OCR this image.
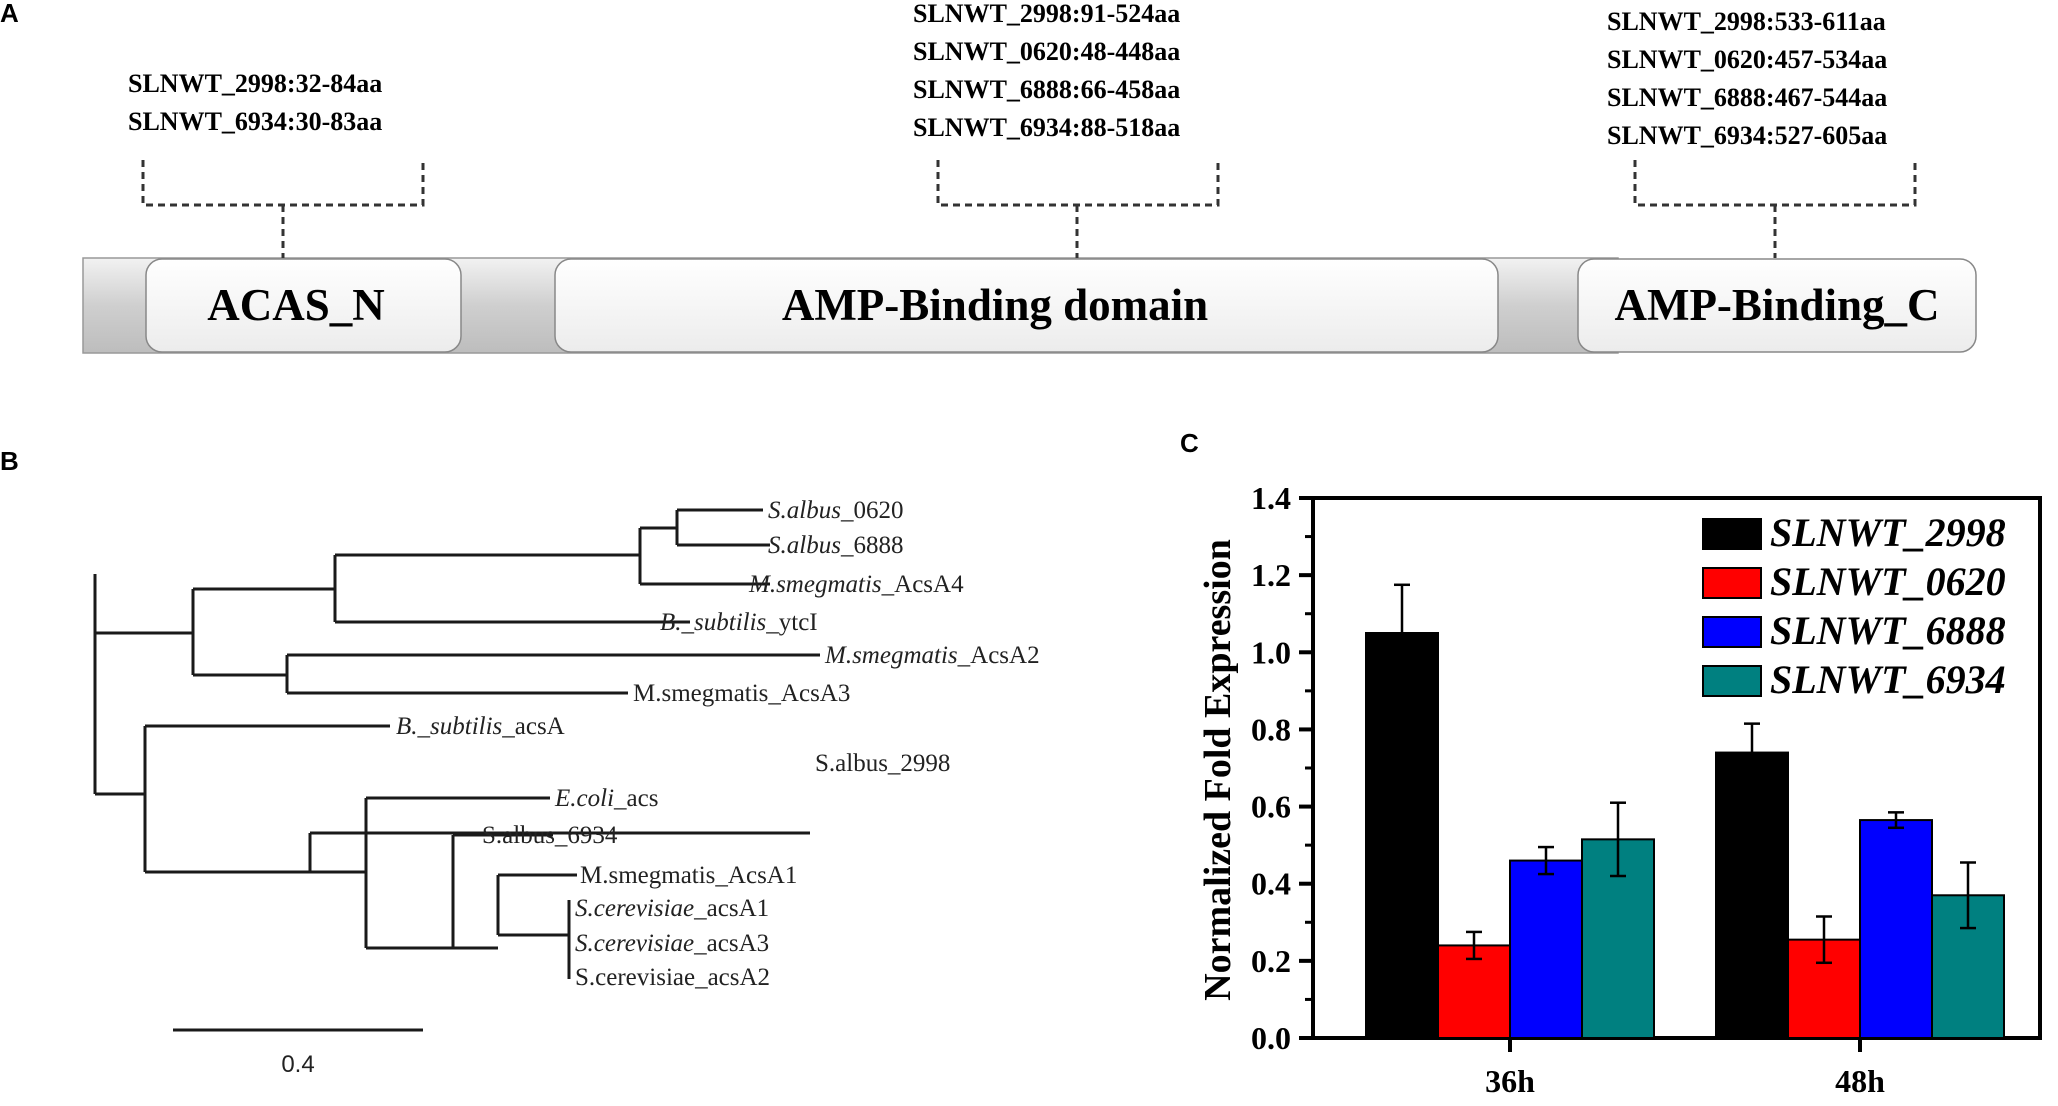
A
ACAS_N
SLNWT_2998:32-84aa
SLNWT_6934:30-83aa
AMP-Binding domain
SLNWT_2998:91-524aa
SLNWT_0620:48-448aa
SLNWT_6888:66-458aa
SLNWT_6934:88-518aa
AMP-Binding_C
SLNWT_2998:533-611aa
SLNWT_0620:457-534aa
SLNWT_6888:467-544aa
SLNWT_6934:527-605aa
B
S.albus_0620
S.albus_6888
M.smegmatis_AcsA4
B._subtilis_ytcI
M.smegmatis_AcsA2
M.smegmatis_AcsA3
B._subtilis_acsA
S.albus_2998
E.coli_acs
S.albus_6934
M.smegmatis_AcsA1
S.cerevisiae_acsA1
S.cerevisiae_acsA3
S.cerevisiae_acsA2
0.4
C
0.0
0.2
0.4
0.6
0.8
1.0
1.2
1.4
36h	48h
Normalized Fold Expression
SLNWT_2998
SLNWT_0620
SLNWT_6888
SLNWT_6934
